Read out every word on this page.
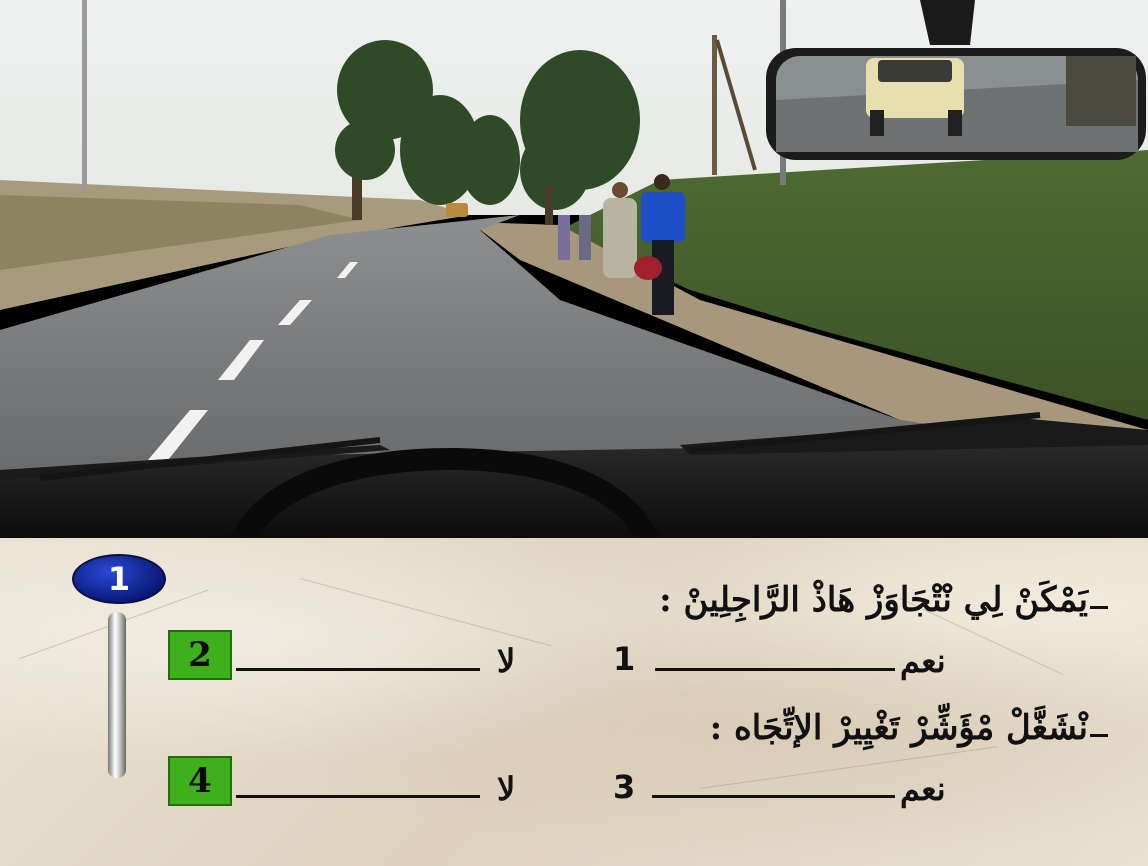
1
يَمْكَنْ لِي نْتْجَاوَزْ هَاذْ الرَّاجِلِينْ :
نعم
1
لا
2
نْشَغَّلْ مْؤَشِّرْ تَغْيِيرْ الإتِّجَاه :
نعم
3
لا
4
